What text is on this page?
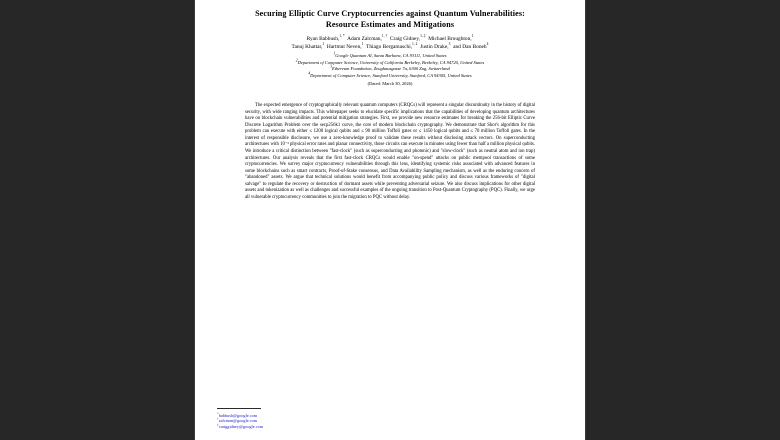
Securing Elliptic Curve Cryptocurrencies against Quantum Vulnerabilities:
Resource Estimates and Mitigations
Ryan Babbush,$^{1, *}$ Adam Zalcman,$^{1, \dagger}$ Craig Gidney,$^{1, \ddagger}$ Michael Broughton,$^1$
Tanuj Khattar,$^1$ Hartmut Neven,$^1$ Thiago Bergamaschi,$^{1, 2}$ Justin Drake,$^3$ and Dan Boneh$^4$
$^1$Google Quantum AI, Santa Barbara, CA 93111, United States
$^2$Department of Computer Science, University of California Berkeley, Berkeley, CA 94720, United States
$^3$Ethereum Foundation, Zeughausgasse 7a, 6300 Zug, Switzerland
$^4$Department of Computer Science, Stanford University, Stanford, CA 94305, United States
(Dated: March 30, 2026)
The expected emergence of cryptographically relevant quantum computers (CRQCs) will represent a singular discontinuity in the history of digital security, with wide ranging impacts. This whitepaper seeks to elucidate specific implications that the capabilities of developing quantum architectures have on blockchain vulnerabilities and potential mitigation strategies. First, we provide new resource estimates for breaking the 256-bit Elliptic Curve Discrete Logarithm Problem over the secp256k1 curve, the core of modern blockchain cryptography. We demonstrate that Shor's algorithm for this problem can execute with either ≤ 1200 logical qubits and ≤ 90 million Toffoli gates or ≤ 1450 logical qubits and ≤ 70 million Toffoli gates. In the interest of responsible disclosure, we use a zero-knowledge proof to validate these results without disclosing attack vectors. On superconducting architectures with 10⁻³ physical error rates and planar connectivity, those circuits can execute in minutes using fewer than half a million physical qubits. We introduce a critical distinction between "fast-clock" (such as superconducting and photonic) and "slow-clock" (such as neutral atom and ion trap) architectures. Our analysis reveals that the first fast-clock CRQCs would enable "on-spend" attacks on public mempool transactions of some cryptocurrencies. We survey major cryptocurrency vulnerabilities through this lens, identifying systemic risks associated with advanced features in some blockchains such as smart contracts, Proof-of-Stake consensus, and Data Availability Sampling mechanism, as well as the enduring concern of "abandoned" assets. We argue that technical solutions would benefit from accompanying public policy and discuss various frameworks of "digital salvage" to regulate the recovery or destruction of dormant assets while preventing adversarial seizure. We also discuss implications for other digital assets and tokenization as well as challenges and successful examples of the ongoing transition to Post-Quantum Cryptography (PQC). Finally, we urge all vulnerable cryptocurrency communities to join the migration to PQC without delay.
*babbush@google.com
†zalcman@google.com
‡craiggidney@google.com
